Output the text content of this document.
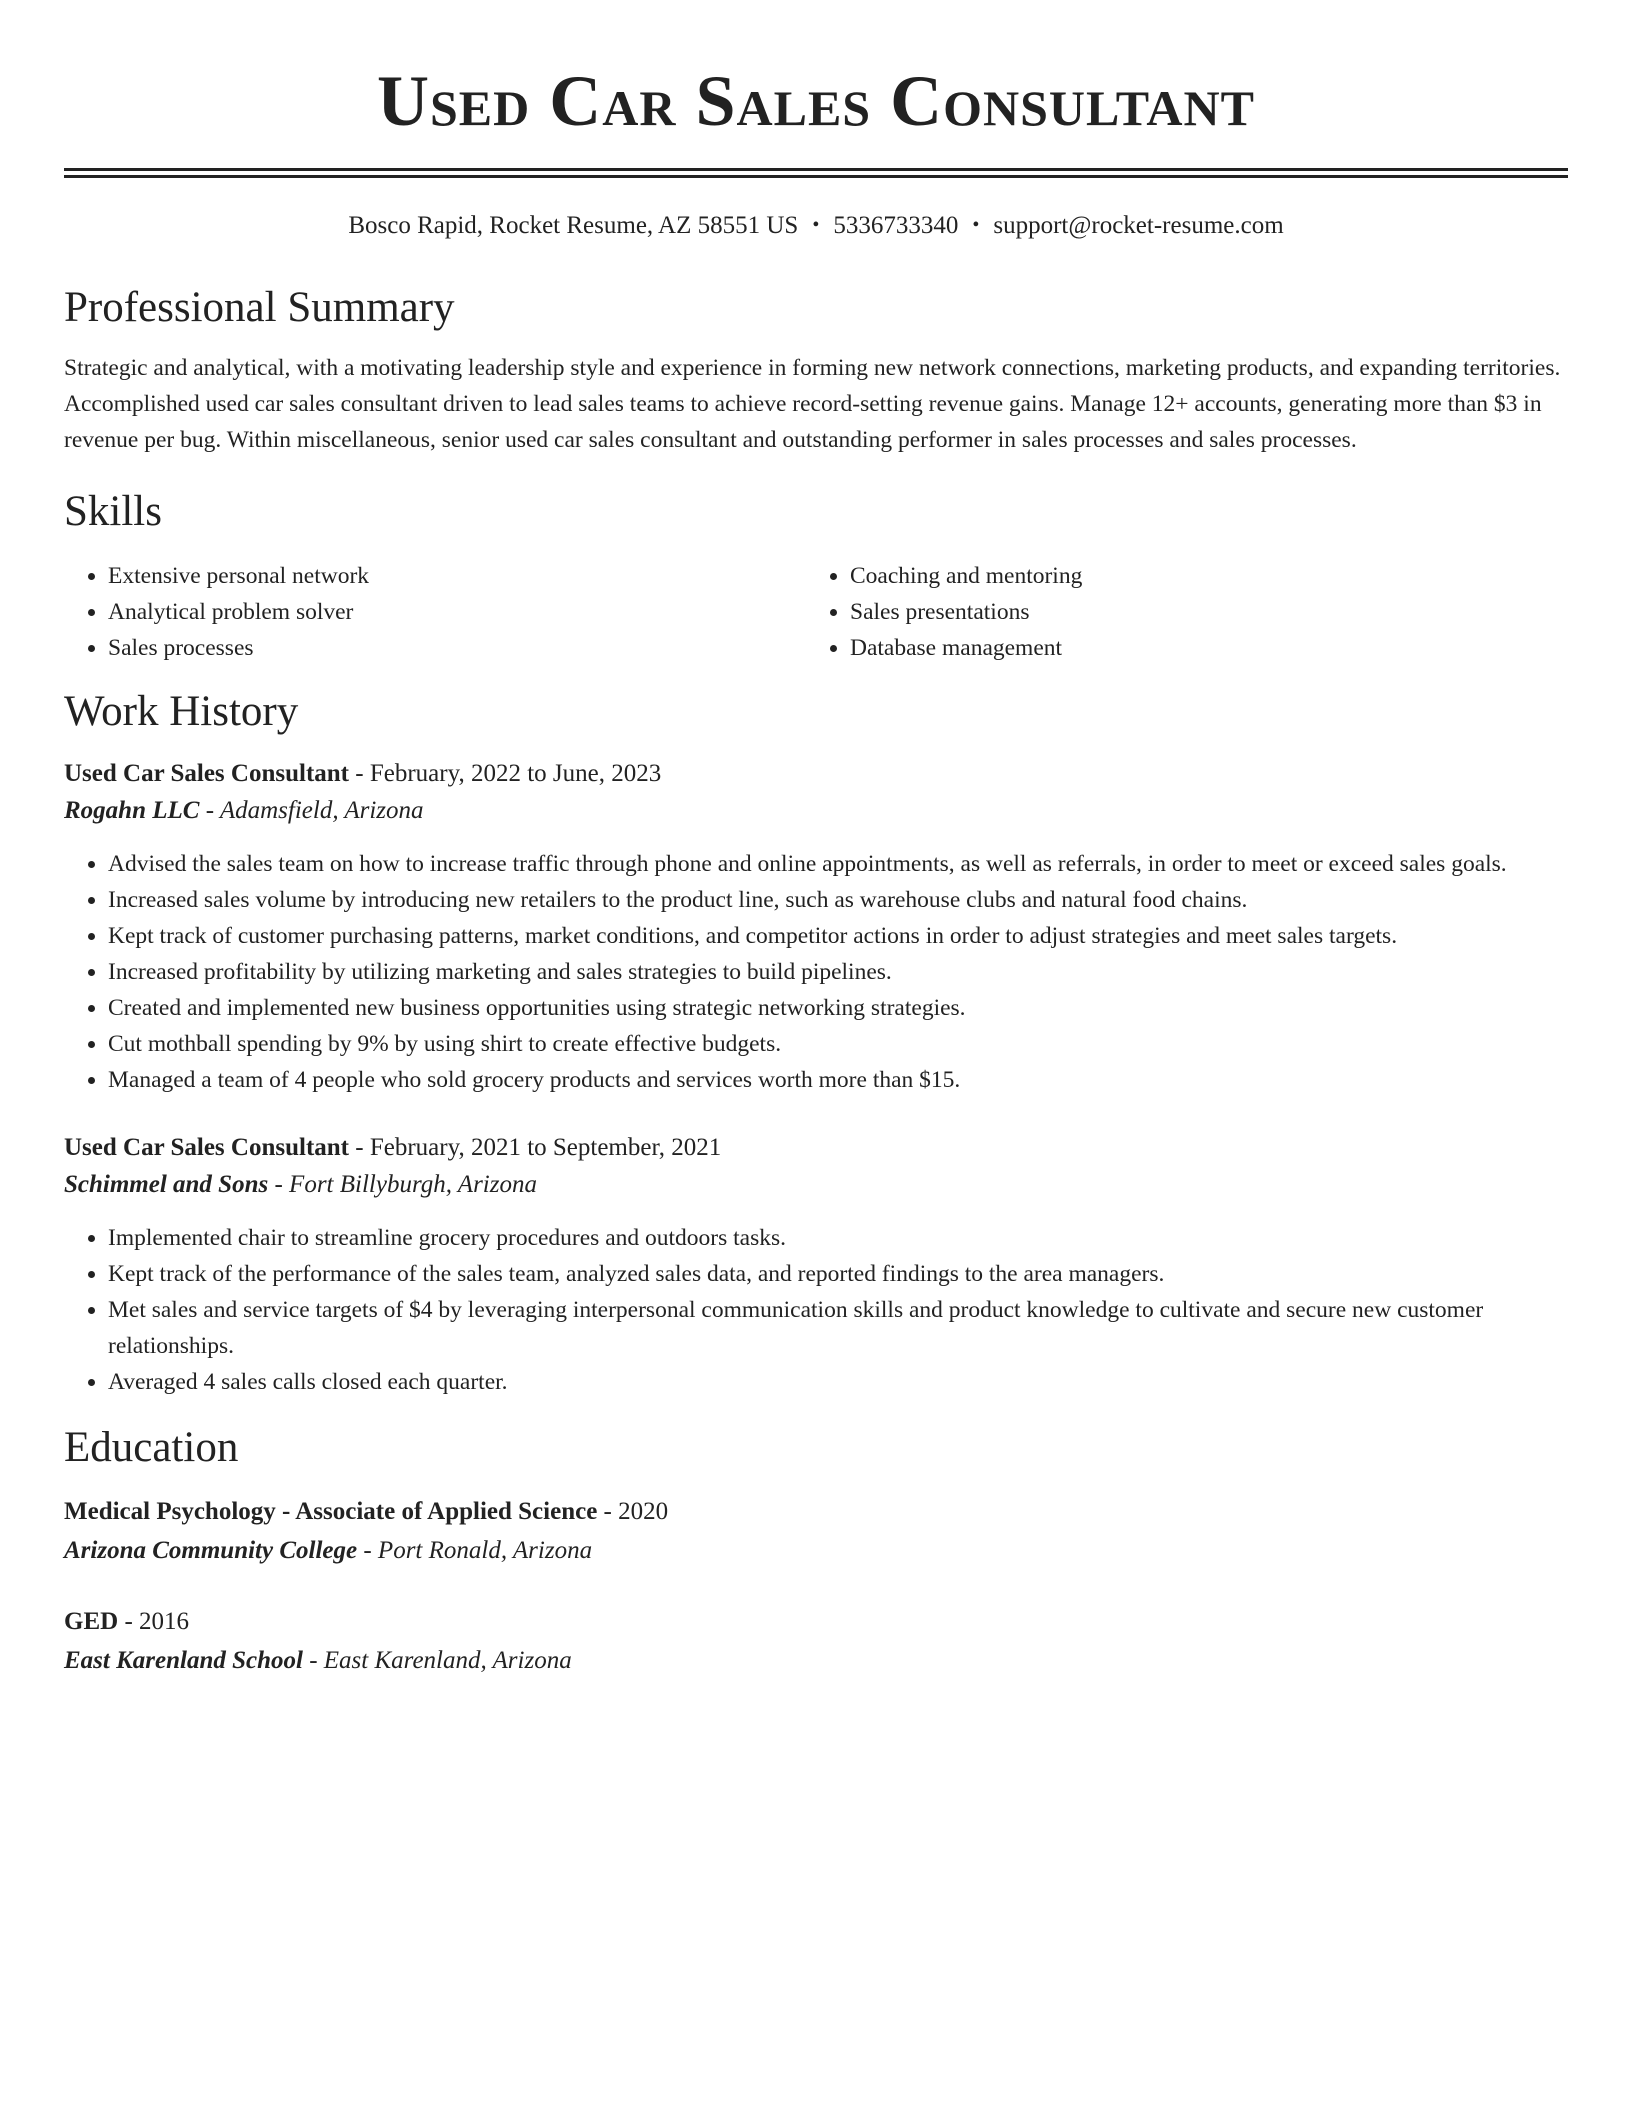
Used Car Sales Consultant
Bosco Rapid, Rocket Resume, AZ 58551 US • 5336733340 • support@rocket-resume.com
Professional Summary
Strategic and analytical, with a motivating leadership style and experience in forming new network connections, marketing products, and expanding territories. Accomplished used car sales consultant driven to lead sales teams to achieve record-setting revenue gains. Manage 12+ accounts, generating more than $3 in revenue per bug. Within miscellaneous, senior used car sales consultant and outstanding performer in sales processes and sales processes.
Skills
• Extensive personal network
• Analytical problem solver
• Sales processes
• Coaching and mentoring
• Sales presentations
• Database management
Work History
Used Car Sales Consultant - February, 2022 to June, 2023
Rogahn LLC - Adamsfield, Arizona
• Advised the sales team on how to increase traffic through phone and online appointments, as well as referrals, in order to meet or exceed sales goals.
• Increased sales volume by introducing new retailers to the product line, such as warehouse clubs and natural food chains.
• Kept track of customer purchasing patterns, market conditions, and competitor actions in order to adjust strategies and meet sales targets.
• Increased profitability by utilizing marketing and sales strategies to build pipelines.
• Created and implemented new business opportunities using strategic networking strategies.
• Cut mothball spending by 9% by using shirt to create effective budgets.
• Managed a team of 4 people who sold grocery products and services worth more than $15.
Used Car Sales Consultant - February, 2021 to September, 2021
Schimmel and Sons - Fort Billyburgh, Arizona
• Implemented chair to streamline grocery procedures and outdoors tasks.
• Kept track of the performance of the sales team, analyzed sales data, and reported findings to the area managers.
• Met sales and service targets of $4 by leveraging interpersonal communication skills and product knowledge to cultivate and secure new customer relationships.
• Averaged 4 sales calls closed each quarter.
Education
Medical Psychology - Associate of Applied Science - 2020
Arizona Community College - Port Ronald, Arizona
GED - 2016
East Karenland School - East Karenland, Arizona
